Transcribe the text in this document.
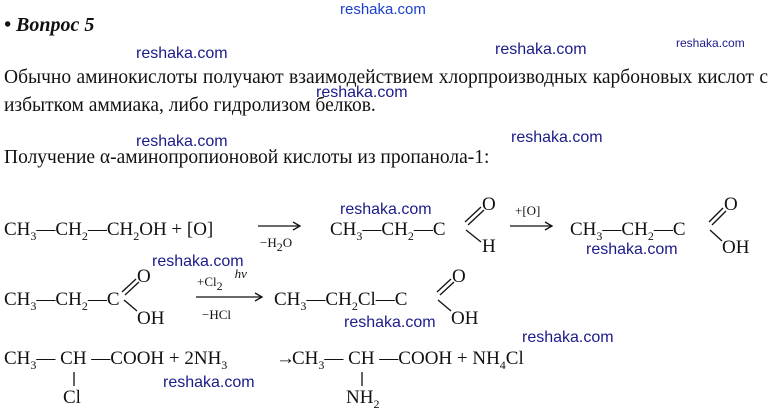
• Вопрос 5
Обычно аминокислоты получают взаимодействием хлорпроизводных карбоновых кислот с избытком аммиака, либо гидролизом белков.
Получение α-аминопропионовой кислоты из пропанола-1:
$CH_3—CH_2—CH_2OH + [O]$
−H2O
$CH_3—CH_2—C$
O
H
+[O]
$CH_3—CH_2—C$
O
OH
$CH_3—CH_2—C$
O
OH
+Cl2hν
−HCl
$CH_3—CH_2Cl—C$
O
OH
$CH_3—$ CH —COOH + $2NH_3$	→
Cl
$CH_3—$ CH —COOH + $NH_4Cl$
$NH_2$
reshaka.com
reshaka.com	reshaka.com	reshaka.com
reshaka.com
reshaka.com	reshaka.com
reshaka.com
reshaka.com
reshaka.com
reshaka.com
reshaka.com
reshaka.com
